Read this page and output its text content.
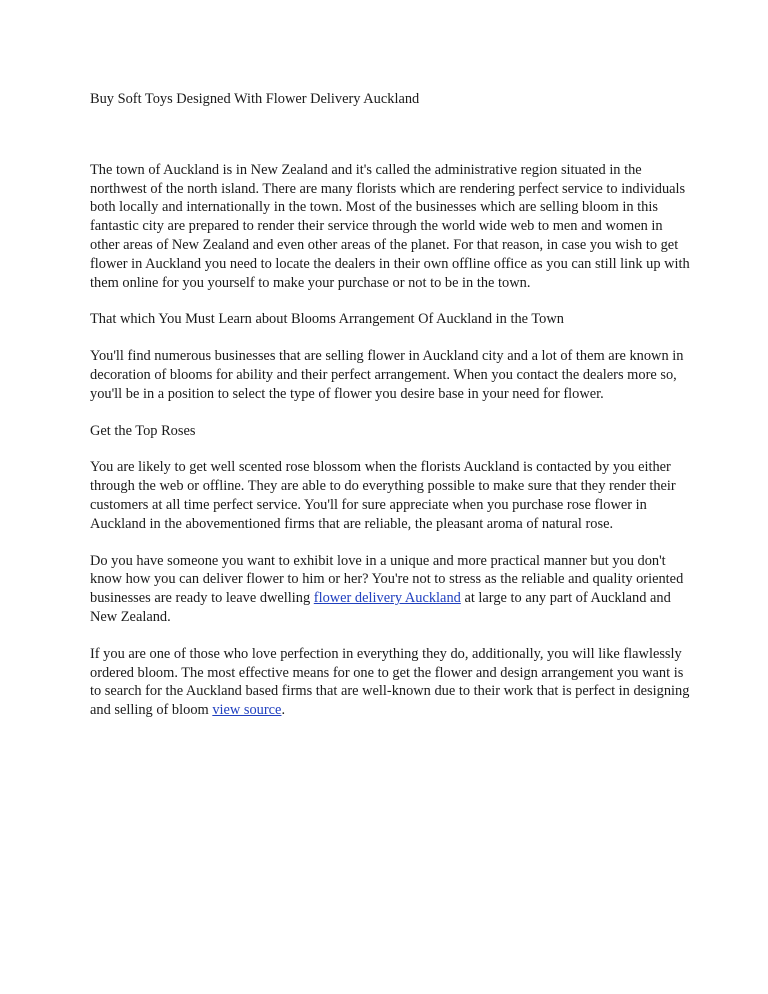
Buy Soft Toys Designed With Flower Delivery Auckland

The town of Auckland is in New Zealand and it's called the administrative region situated in the northwest of the north island. There are many florists which are rendering perfect service to individuals both locally and internationally in the town. Most of the businesses which are selling bloom in this fantastic city are prepared to render their service through the world wide web to men and women in other areas of New Zealand and even other areas of the planet. For that reason, in case you wish to get flower in Auckland you need to locate the dealers in their own offline office as you can still link up with them online for you yourself to make your purchase or not to be in the town.

That which You Must Learn about Blooms Arrangement Of Auckland in the Town

You'll find numerous businesses that are selling flower in Auckland city and a lot of them are known in decoration of blooms for ability and their perfect arrangement. When you contact the dealers more so, you'll be in a position to select the type of flower you desire base in your need for flower.

Get the Top Roses

You are likely to get well scented rose blossom when the florists Auckland is contacted by you either through the web or offline. They are able to do everything possible to make sure that they render their customers at all time perfect service. You'll for sure appreciate when you purchase rose flower in Auckland in the abovementioned firms that are reliable, the pleasant aroma of natural rose.

Do you have someone you want to exhibit love in a unique and more practical manner but you don't know how you can deliver flower to him or her? You're not to stress as the reliable and quality oriented businesses are ready to leave dwelling flower delivery Auckland at large to any part of Auckland and New Zealand.

If you are one of those who love perfection in everything they do, additionally, you will like flawlessly ordered bloom. The most effective means for one to get the flower and design arrangement you want is to search for the Auckland based firms that are well-known due to their work that is perfect in designing and selling of bloom view source.
